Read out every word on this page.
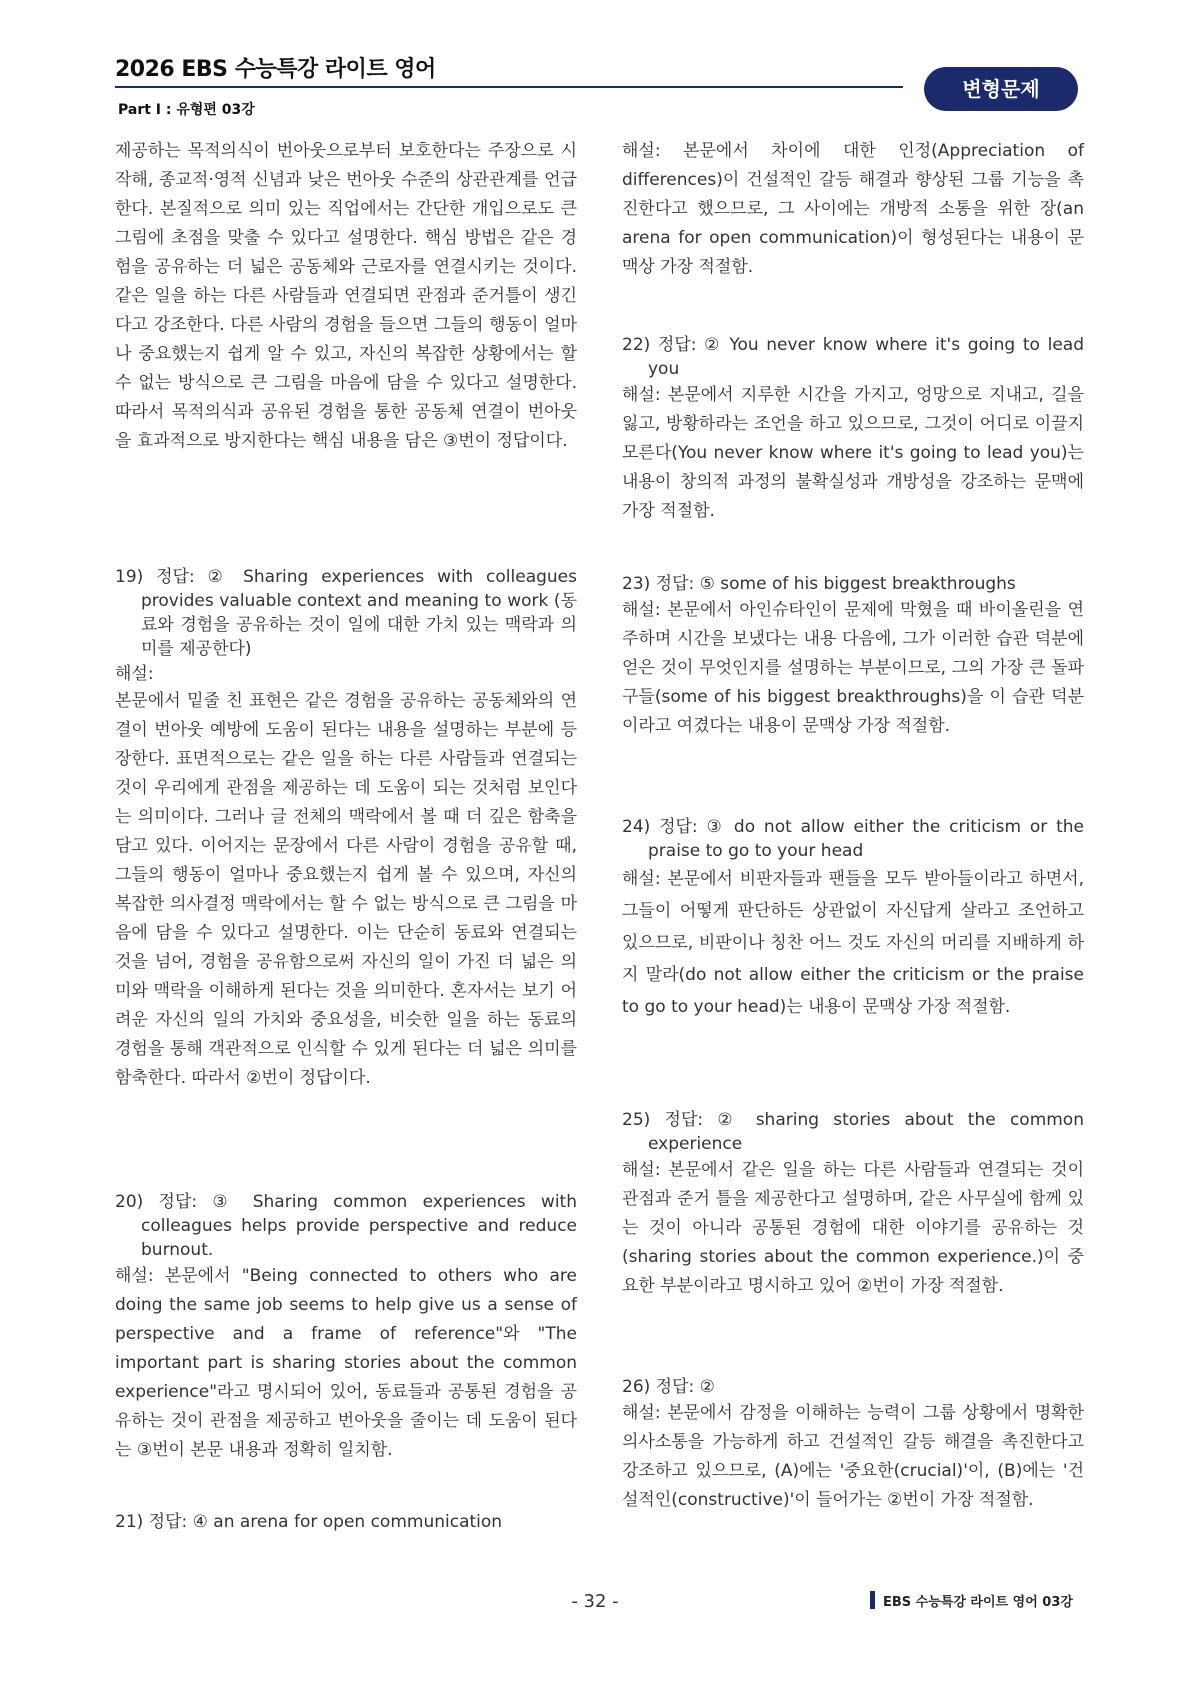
2026 EBS 수능특강 라이트 영어
변형문제
Part Ⅰ : 유형편 03강

제공하는 목적의식이 번아웃으로부터 보호한다는 주장으로 시작해, 종교적·영적 신념과 낮은 번아웃 수준의 상관관계를 언급한다. 본질적으로 의미 있는 직업에서는 간단한 개입으로도 큰 그림에 초점을 맞출 수 있다고 설명한다. 핵심 방법은 같은 경험을 공유하는 더 넓은 공동체와 근로자를 연결시키는 것이다. 같은 일을 하는 다른 사람들과 연결되면 관점과 준거틀이 생긴다고 강조한다. 다른 사람의 경험을 들으면 그들의 행동이 얼마나 중요했는지 쉽게 알 수 있고, 자신의 복잡한 상황에서는 할 수 없는 방식으로 큰 그림을 마음에 담을 수 있다고 설명한다. 따라서 목적의식과 공유된 경험을 통한 공동체 연결이 번아웃을 효과적으로 방지한다는 핵심 내용을 담은 ③번이 정답이다.

19) 정답: ② Sharing experiences with colleagues provides valuable context and meaning to work (동료와 경험을 공유하는 것이 일에 대한 가치 있는 맥락과 의미를 제공한다)

해설:

본문에서 밑줄 친 표현은 같은 경험을 공유하는 공동체와의 연결이 번아웃 예방에 도움이 된다는 내용을 설명하는 부분에 등장한다. 표면적으로는 같은 일을 하는 다른 사람들과 연결되는 것이 우리에게 관점을 제공하는 데 도움이 되는 것처럼 보인다는 의미이다. 그러나 글 전체의 맥락에서 볼 때 더 깊은 함축을 담고 있다. 이어지는 문장에서 다른 사람이 경험을 공유할 때, 그들의 행동이 얼마나 중요했는지 쉽게 볼 수 있으며, 자신의 복잡한 의사결정 맥락에서는 할 수 없는 방식으로 큰 그림을 마음에 담을 수 있다고 설명한다. 이는 단순히 동료와 연결되는 것을 넘어, 경험을 공유함으로써 자신의 일이 가진 더 넓은 의미와 맥락을 이해하게 된다는 것을 의미한다. 혼자서는 보기 어려운 자신의 일의 가치와 중요성을, 비슷한 일을 하는 동료의 경험을 통해 객관적으로 인식할 수 있게 된다는 더 넓은 의미를 함축한다. 따라서 ②번이 정답이다.

20) 정답: ③ Sharing common experiences with colleagues helps provide perspective and reduce burnout.

해설: 본문에서 "Being connected to others who are doing the same job seems to help give us a sense of perspective and a frame of reference"와 "The important part is sharing stories about the common experience"라고 명시되어 있어, 동료들과 공통된 경험을 공유하는 것이 관점을 제공하고 번아웃을 줄이는 데 도움이 된다는 ③번이 본문 내용과 정확히 일치함.

21) 정답: ④ an arena for open communication

해설: 본문에서 차이에 대한 인정(Appreciation of differences)이 건설적인 갈등 해결과 향상된 그룹 기능을 촉진한다고 했으므로, 그 사이에는 개방적 소통을 위한 장(an arena for open communication)이 형성된다는 내용이 문맥상 가장 적절함.

22) 정답: ② You never know where it's going to lead you

해설: 본문에서 지루한 시간을 가지고, 엉망으로 지내고, 길을 잃고, 방황하라는 조언을 하고 있으므로, 그것이 어디로 이끌지 모른다(You never know where it's going to lead you)는 내용이 창의적 과정의 불확실성과 개방성을 강조하는 문맥에 가장 적절함.

23) 정답: ⑤ some of his biggest breakthroughs

해설: 본문에서 아인슈타인이 문제에 막혔을 때 바이올린을 연주하며 시간을 보냈다는 내용 다음에, 그가 이러한 습관 덕분에 얻은 것이 무엇인지를 설명하는 부분이므로, 그의 가장 큰 돌파구들(some of his biggest breakthroughs)을 이 습관 덕분이라고 여겼다는 내용이 문맥상 가장 적절함.

24) 정답: ③ do not allow either the criticism or the praise to go to your head

해설: 본문에서 비판자들과 팬들을 모두 받아들이라고 하면서, 그들이 어떻게 판단하든 상관없이 자신답게 살라고 조언하고 있으므로, 비판이나 칭찬 어느 것도 자신의 머리를 지배하게 하지 말라(do not allow either the criticism or the praise to go to your head)는 내용이 문맥상 가장 적절함.

25) 정답: ② sharing stories about the common experience

해설: 본문에서 같은 일을 하는 다른 사람들과 연결되는 것이 관점과 준거 틀을 제공한다고 설명하며, 같은 사무실에 함께 있는 것이 아니라 공통된 경험에 대한 이야기를 공유하는 것(sharing stories about the common experience.)이 중요한 부분이라고 명시하고 있어 ②번이 가장 적절함.

26) 정답: ②

해설: 본문에서 감정을 이해하는 능력이 그룹 상황에서 명확한 의사소통을 가능하게 하고 건설적인 갈등 해결을 촉진한다고 강조하고 있으므로, (A)에는 '중요한(crucial)'이, (B)에는 '건설적인(constructive)'이 들어가는 ②번이 가장 적절함.

- 32 -	EBS 수능특강 라이트 영어 03강
